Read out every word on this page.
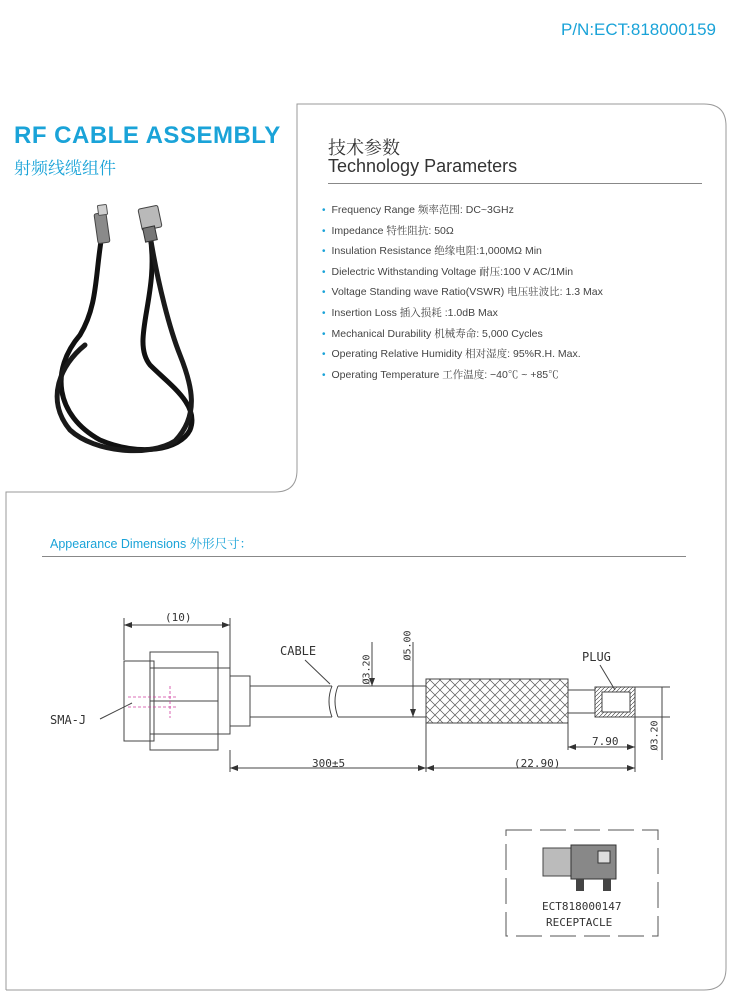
P/N:ECT:818000159
RF CABLE ASSEMBLY
射频线缆组件
技术参数
Technology Parameters
• Frequency Range 频率范围: DC~3GHz
• Impedance 特性阻抗: 50Ω
• Insulation Resistance 绝缘电阻:1,000MΩ Min
• Dielectric Withstanding Voltage 耐压:100 V AC/1Min
• Voltage Standing wave Ratio(VSWR) 电压驻波比: 1.3 Max
• Insertion Loss 插入损耗 :1.0dB Max
• Mechanical Durability 机械寿命: 5,000 Cycles
• Operating Relative Humidity 相对湿度: 95%R.H. Max.
• Operating Temperature 工作温度: −40℃ ~ +85℃
Appearance Dimensions 外形尺寸：
(10)
CABLE
Ø3.20
Ø5.00	PLUG
SMA-J
300±5	(22.90)
7.90	Ø3.20
ECT818000147
RECEPTACLE
